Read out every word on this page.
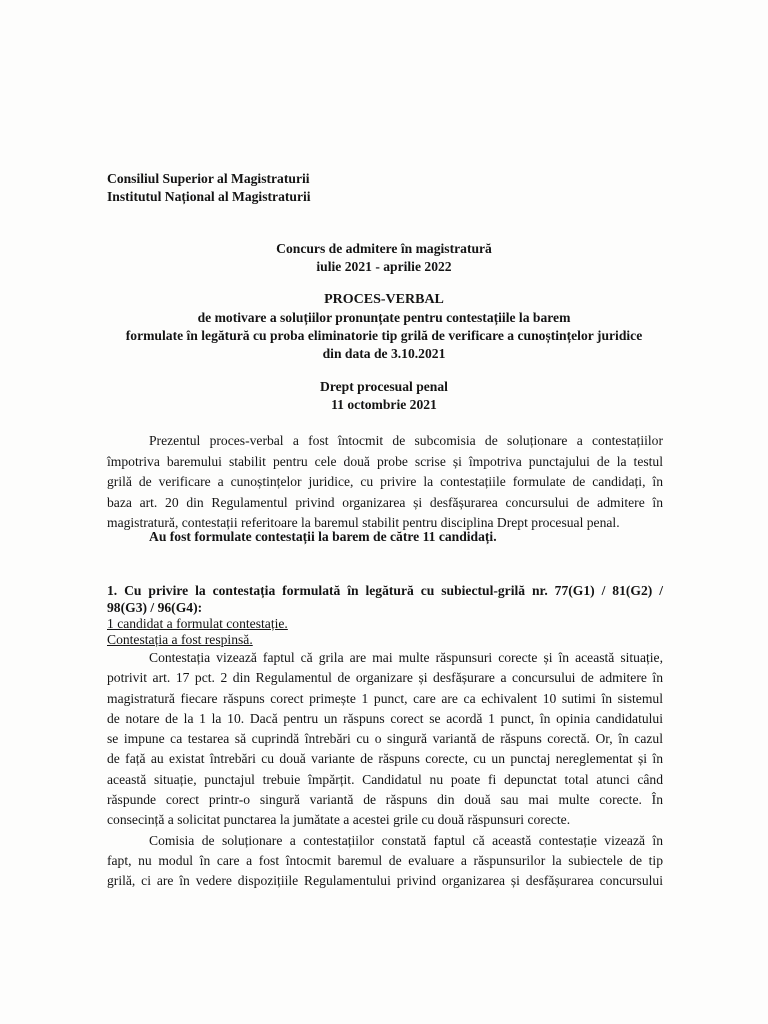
Consiliul Superior al Magistraturii
Institutul Național al Magistraturii
Concurs de admitere în magistratură
iulie 2021 - aprilie 2022
PROCES-VERBAL
de motivare a soluțiilor pronunțate pentru contestațiile la barem
formulate în legătură cu proba eliminatorie tip grilă de verificare a cunoștințelor juridice
din data de 3.10.2021
Drept procesual penal
11 octombrie 2021
Prezentul proces-verbal a fost întocmit de subcomisia de soluționare a contestațiilor
împotriva baremului stabilit pentru cele două probe scrise și împotriva punctajului de la testul
grilă de verificare a cunoștințelor juridice, cu privire la contestațiile formulate de candidați, în
baza art. 20 din Regulamentul privind organizarea și desfășurarea concursului de admitere în
magistratură, contestații referitoare la baremul stabilit pentru disciplina Drept procesual penal.
Au fost formulate contestații la barem de către 11 candidați.
1. Cu privire la contestația formulată în legătură cu subiectul-grilă nr. 77(G1) / 81(G2) /
98(G3) / 96(G4):
1 candidat a formulat contestație.
Contestația a fost respinsă.
Contestația vizează faptul că grila are mai multe răspunsuri corecte și în această situație,
potrivit art. 17 pct. 2 din Regulamentul de organizare și desfășurare a concursului de admitere în
magistratură fiecare răspuns corect primește 1 punct, care are ca echivalent 10 sutimi în sistemul
de notare de la 1 la 10. Dacă pentru un răspuns corect se acordă 1 punct, în opinia candidatului
se impune ca testarea să cuprindă întrebări cu o singură variantă de răspuns corectă. Or, în cazul
de față au existat întrebări cu două variante de răspuns corecte, cu un punctaj nereglementat și în
această situație, punctajul trebuie împărțit. Candidatul nu poate fi depunctat total atunci când
răspunde corect printr-o singură variantă de răspuns din două sau mai multe corecte. În
consecință a solicitat punctarea la jumătate a acestei grile cu două răspunsuri corecte.
Comisia de soluționare a contestațiilor constată faptul că această contestație vizează în
fapt, nu modul în care a fost întocmit baremul de evaluare a răspunsurilor la subiectele de tip
grilă, ci are în vedere dispozițiile Regulamentului privind organizarea și desfășurarea concursului
